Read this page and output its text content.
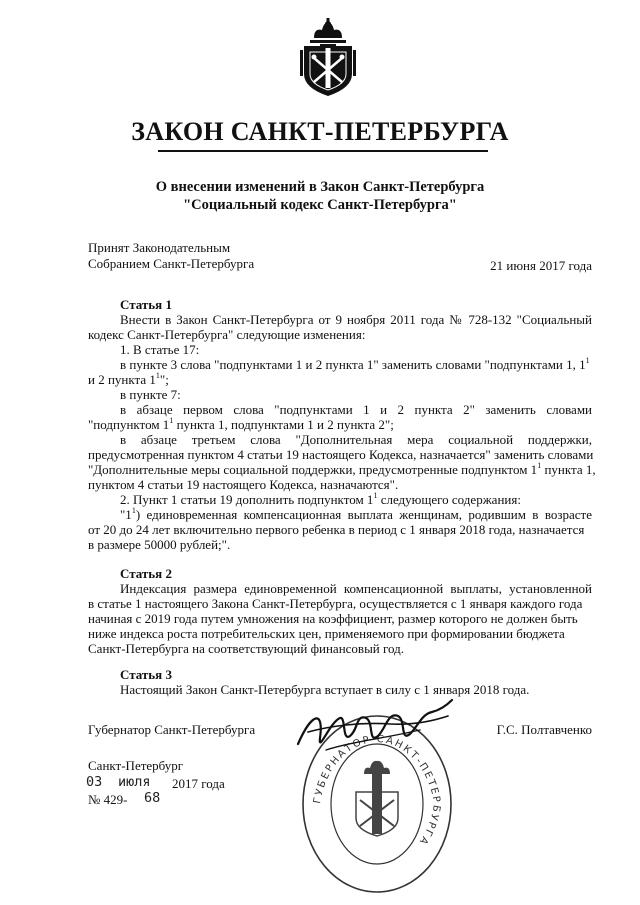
ЗАКОН САНКТ-ПЕТЕРБУРГА
О внесении изменений в Закон Санкт-Петербурга
"Социальный кодекс Санкт-Петербурга"
Принят Законодательным
Собранием Санкт-Петербурга	21 июня 2017 года
Статья 1
Внести в Закон Санкт-Петербурга от 9 ноября 2011 года № 728-132 "Социальный
кодекс Санкт-Петербурга" следующие изменения:
1. В статье 17:
в пункте 3 слова "подпунктами 1 и 2 пункта 1" заменить словами "подпунктами 1, $1^1$
и 2 пункта $1^1$";
в пункте 7:
в абзаце первом слова "подпунктами 1 и 2 пункта 2" заменить словами
"подпунктом $1^1$ пункта 1, подпунктами 1 и 2 пункта 2";
в абзаце третьем слова "Дополнительная мера социальной поддержки,
предусмотренная пунктом 4 статьи 19 настоящего Кодекса, назначается" заменить словами
"Дополнительные меры социальной поддержки, предусмотренные подпунктом $1^1$ пункта 1,
пунктом 4 статьи 19 настоящего Кодекса, назначаются".
2. Пункт 1 статьи 19 дополнить подпунктом $1^1$ следующего содержания:
"$1^1$) единовременная компенсационная выплата женщинам, родившим в возрасте
от 20 до 24 лет включительно первого ребенка в период с 1 января 2018 года, назначается
в размере 50000 рублей;".
Статья 2
Индексация размера единовременной компенсационной выплаты, установленной
в статье 1 настоящего Закона Санкт-Петербурга, осуществляется с 1 января каждого года
начиная с 2019 года путем умножения на коэффициент, размер которого не должен быть
ниже индекса роста потребительских цен, применяемого при формировании бюджета
Санкт-Петербурга на соответствующий финансовый год.
Статья 3
Настоящий Закон Санкт-Петербурга вступает в силу с 1 января 2018 года.
Губернатор Санкт-Петербурга	Г.С. Полтавченко
ГУБЕРНАТОР САНКТ-ПЕТЕРБУРГА
Санкт-Петербург
03 июля 2017 года
№ 429- 68
